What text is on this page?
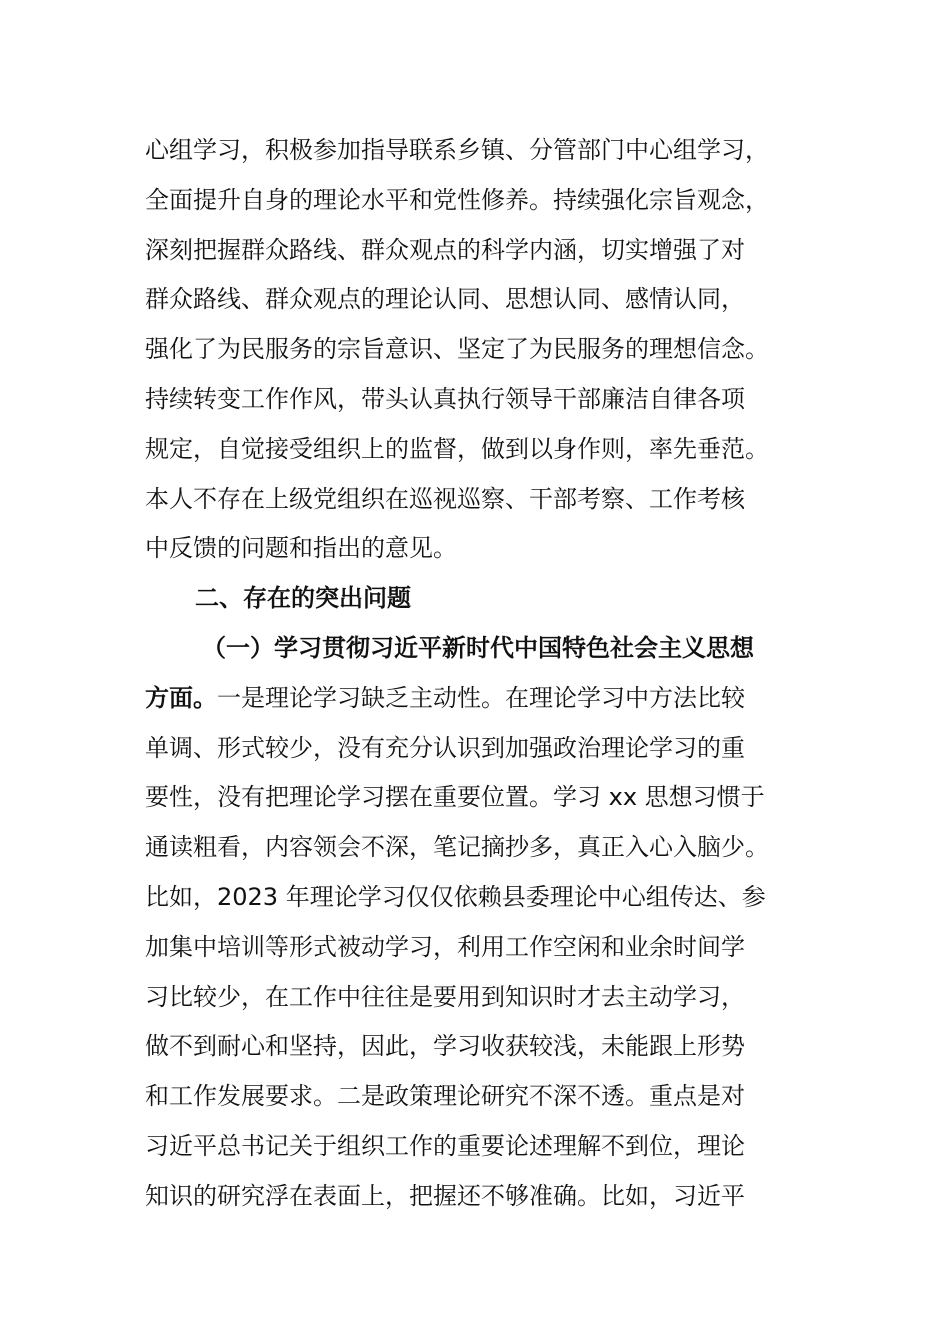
心组学习，积极参加指导联系乡镇、分管部门中心组学习，
全面提升自身的理论水平和党性修养。持续强化宗旨观念，
深刻把握群众路线、群众观点的科学内涵，切实增强了对
群众路线、群众观点的理论认同、思想认同、感情认同，
强化了为民服务的宗旨意识、坚定了为民服务的理想信念。
持续转变工作作风，带头认真执行领导干部廉洁自律各项
规定，自觉接受组织上的监督，做到以身作则，率先垂范。
本人不存在上级党组织在巡视巡察、干部考察、工作考核
中反馈的问题和指出的意见。
二、存在的突出问题
（一）学习贯彻习近平新时代中国特色社会主义思想
方面。一是理论学习缺乏主动性。在理论学习中方法比较
单调、形式较少，没有充分认识到加强政治理论学习的重
要性，没有把理论学习摆在重要位置。学习 xx 思想习惯于
通读粗看，内容领会不深，笔记摘抄多，真正入心入脑少。
比如，2023 年理论学习仅仅依赖县委理论中心组传达、参
加集中培训等形式被动学习，利用工作空闲和业余时间学
习比较少，在工作中往往是要用到知识时才去主动学习，
做不到耐心和坚持，因此，学习收获较浅，未能跟上形势
和工作发展要求。二是政策理论研究不深不透。重点是对
习近平总书记关于组织工作的重要论述理解不到位，理论
知识的研究浮在表面上，把握还不够准确。比如，习近平
